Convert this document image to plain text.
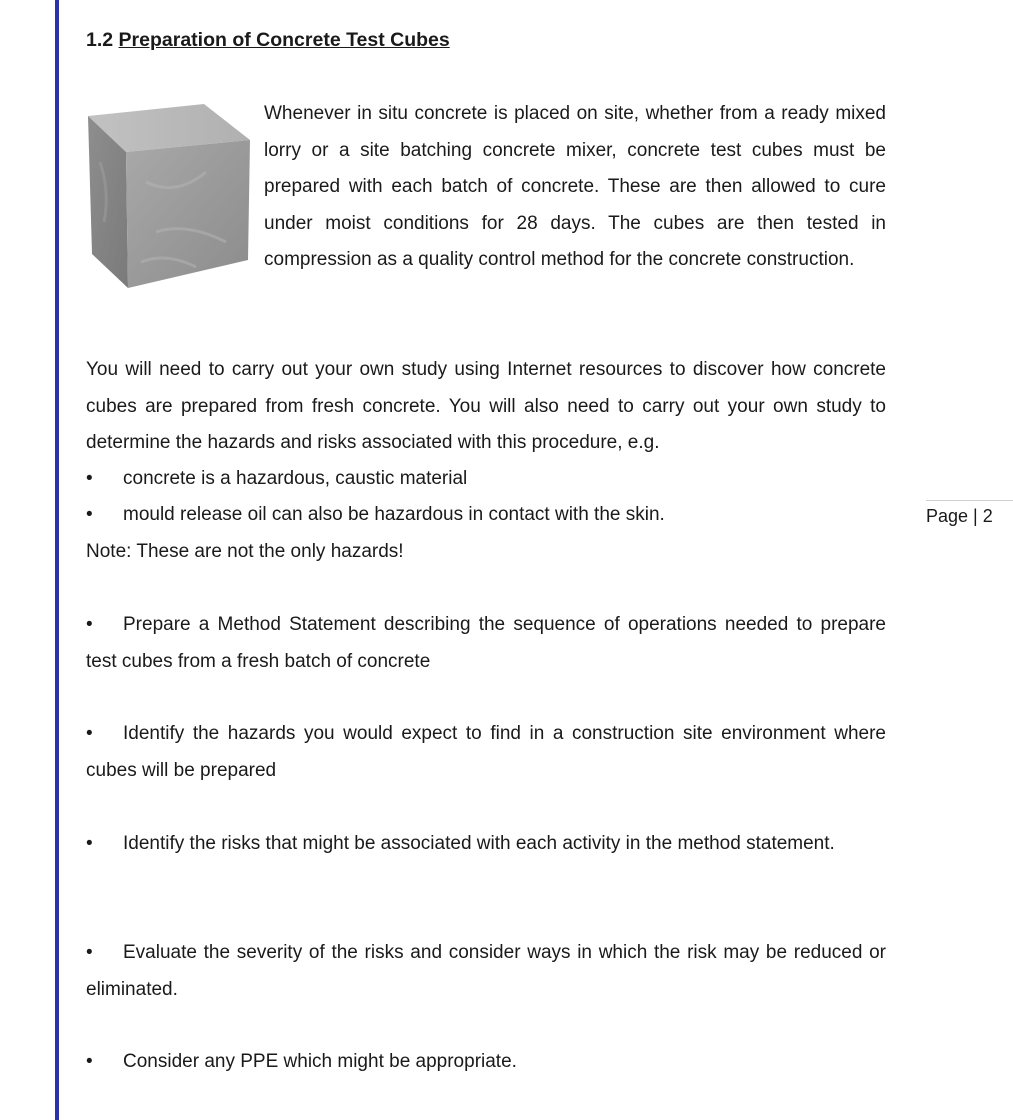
1.2 Preparation of Concrete Test Cubes

Whenever in situ concrete is placed on site, whether from a ready mixed lorry or a site batching concrete mixer, concrete test cubes must be prepared with each batch of concrete. These are then allowed to cure under moist conditions for 28 days. The cubes are then tested in compression as a quality control method for the concrete construction.

You will need to carry out your own study using Internet resources to discover how concrete cubes are prepared from fresh concrete. You will also need to carry out your own study to determine the hazards and risks associated with this procedure, e.g.

• concrete is a hazardous, caustic material
• mould release oil can also be hazardous in contact with the skin.
Note: These are not the only hazards!

• Prepare a Method Statement describing the sequence of operations needed to prepare test cubes from a fresh batch of concrete

• Identify the hazards you would expect to find in a construction site environment where cubes will be prepared

• Identify the risks that might be associated with each activity in the method statement.

• Evaluate the severity of the risks and consider ways in which the risk may be reduced or eliminated.

• Consider any PPE which might be appropriate.

Page | 2
